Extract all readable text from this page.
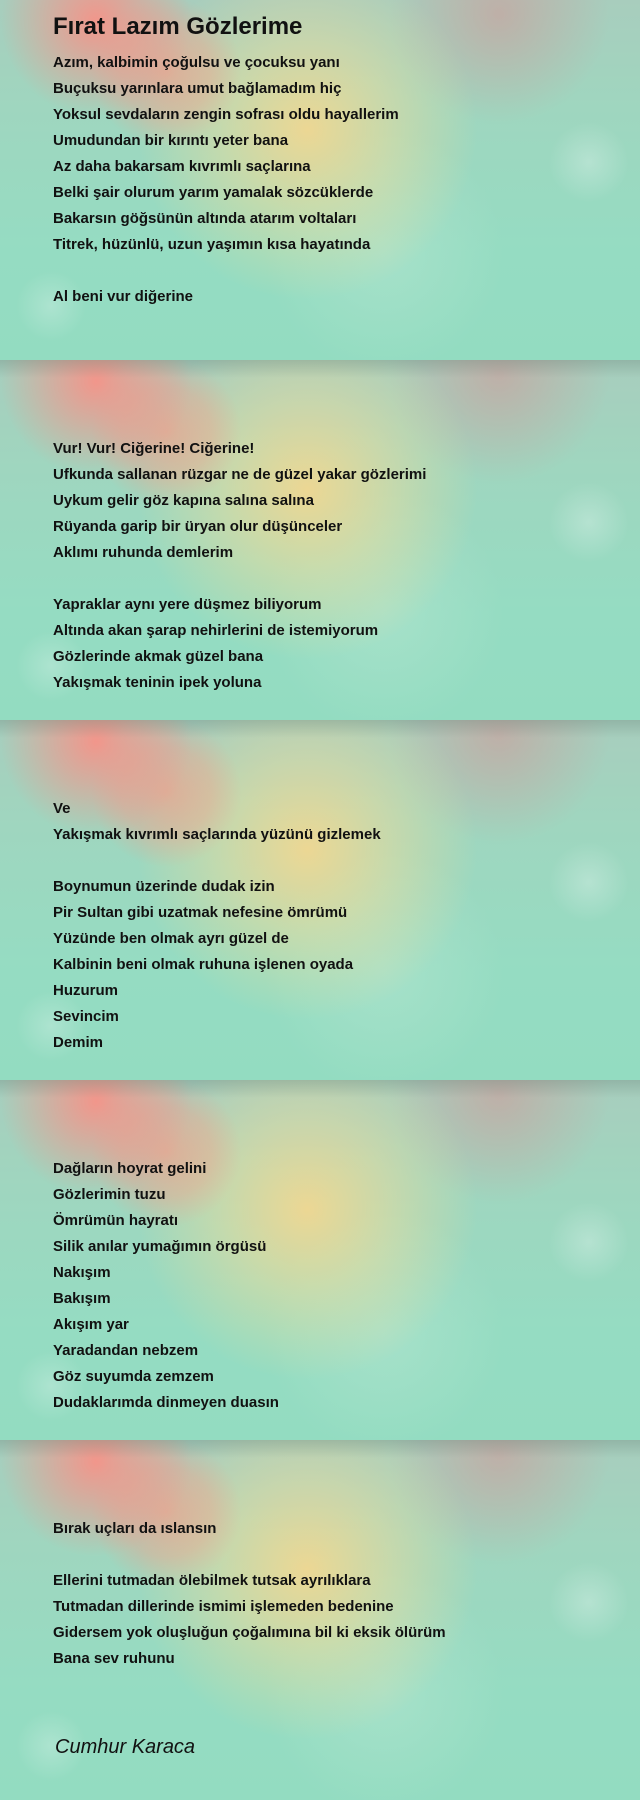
Fırat Lazım Gözlerime
Azım, kalbimin çoğulsu ve çocuksu yanı
Buçuksu yarınlara umut bağlamadım hiç
Yoksul sevdaların zengin sofrası oldu hayallerim
Umudundan bir kırıntı yeter bana
Az daha bakarsam kıvrımlı saçlarına
Belki şair olurum yarım yamalak sözcüklerde
Bakarsın göğsünün altında atarım voltaları
Titrek, hüzünlü, uzun yaşımın kısa hayatında
Al beni vur diğerine
Vur! Vur! Ciğerine! Ciğerine!
Ufkunda sallanan rüzgar ne de güzel yakar gözlerimi
Uykum gelir göz kapına salına salına
Rüyanda garip bir üryan olur düşünceler
Aklımı ruhunda demlerim
Yapraklar aynı yere düşmez biliyorum
Altında akan şarap nehirlerini de istemiyorum
Gözlerinde akmak güzel bana
Yakışmak teninin ipek yoluna
Ve
Yakışmak kıvrımlı saçlarında yüzünü gizlemek
Boynumun üzerinde dudak izin
Pir Sultan gibi uzatmak nefesine ömrümü
Yüzünde ben olmak ayrı güzel de
Kalbinin beni olmak ruhuna işlenen oyada
Huzurum
Sevincim
Demim
Dağların hoyrat gelini
Gözlerimin tuzu
Ömrümün hayratı
Silik anılar yumağımın örgüsü
Nakışım
Bakışım
Akışım yar
Yaradandan nebzem
Göz suyumda zemzem
Dudaklarımda dinmeyen duasın
Bırak uçları da ıslansın
Ellerini tutmadan ölebilmek tutsak ayrılıklara
Tutmadan dillerinde ismimi işlemeden bedenine
Gidersem yok oluşluğun çoğalımına bil ki eksik ölürüm
Bana sev ruhunu
Cumhur Karaca
